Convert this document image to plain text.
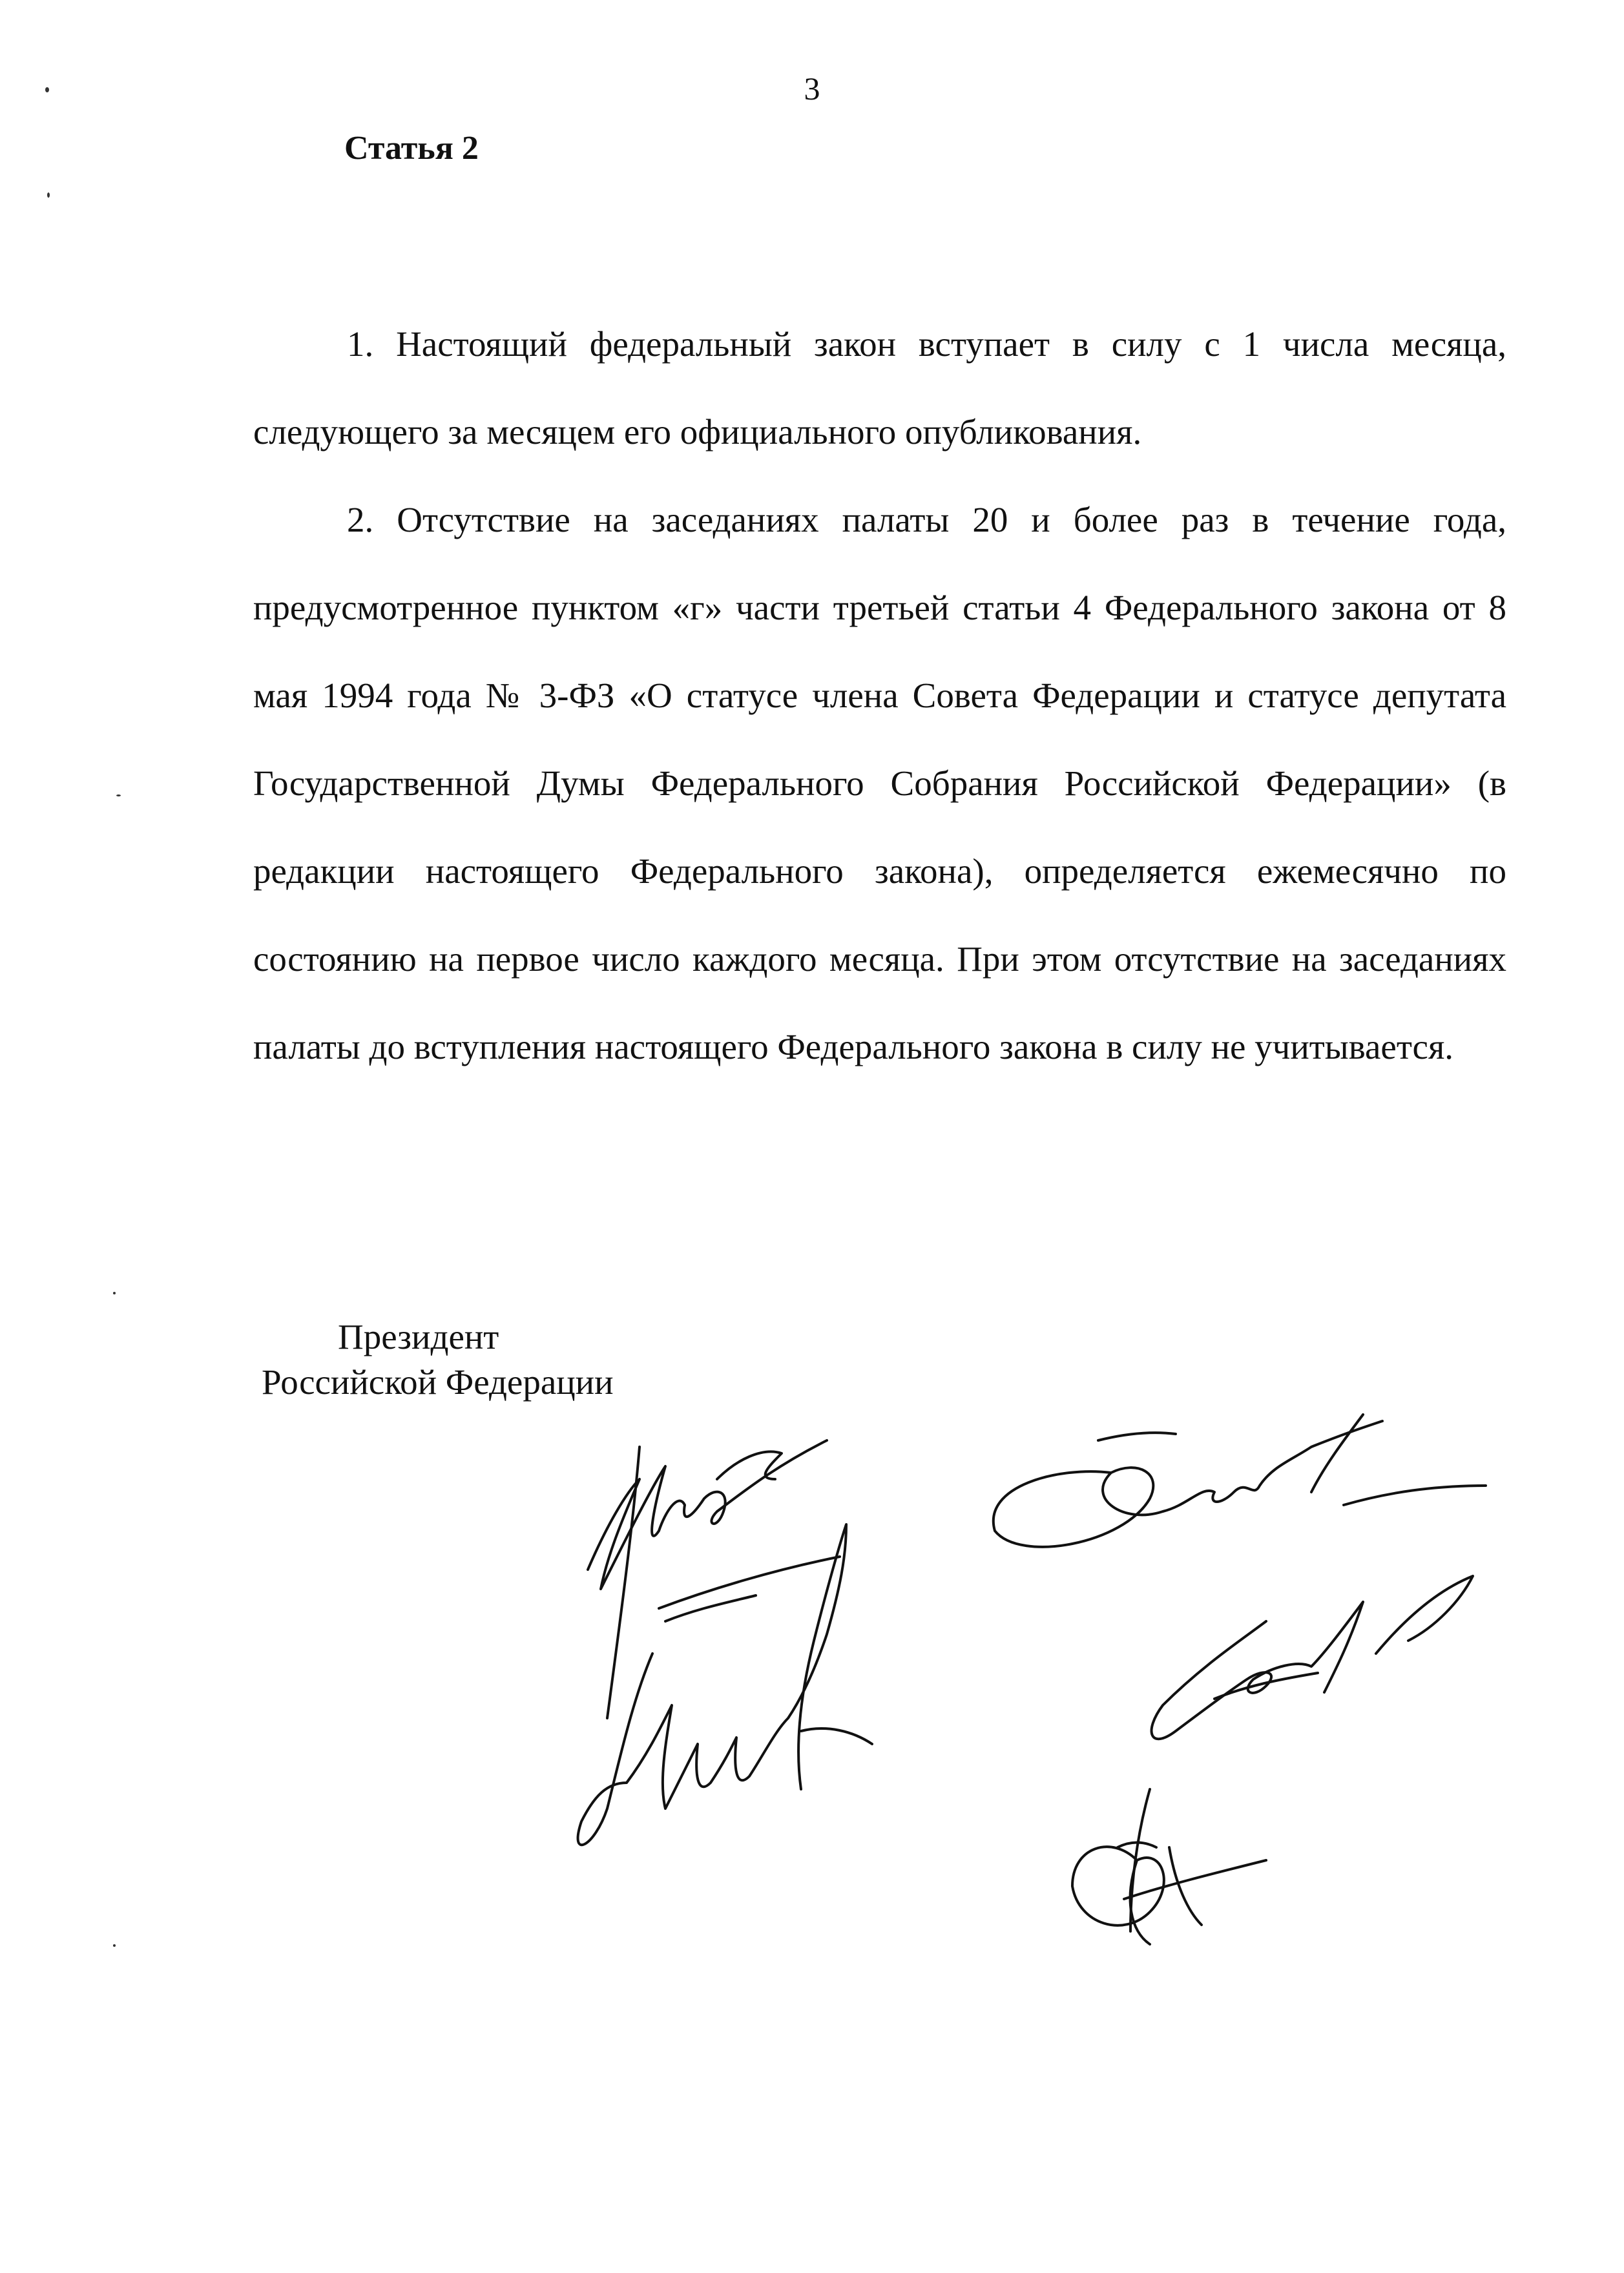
3
Статья 2

1. Настоящий федеральный закон вступает в силу с 1 числа месяца, следующего за месяцем его официального опубликования.

2. Отсутствие на заседаниях палаты 20 и более раз в течение года, предусмотренное пунктом «г» части третьей статьи 4 Федерального закона от 8 мая 1994 года № 3-ФЗ «О статусе члена Совета Федерации и статусе депутата Государственной Думы Федерального Собрания Российской Федерации» (в редакции настоящего Федерального закона), определяется ежемесячно по состоянию на первое число каждого месяца. При этом отсутствие на заседаниях палаты до вступления настоящего Федерального закона в силу не учитывается.

Президент
Российской Федерации
